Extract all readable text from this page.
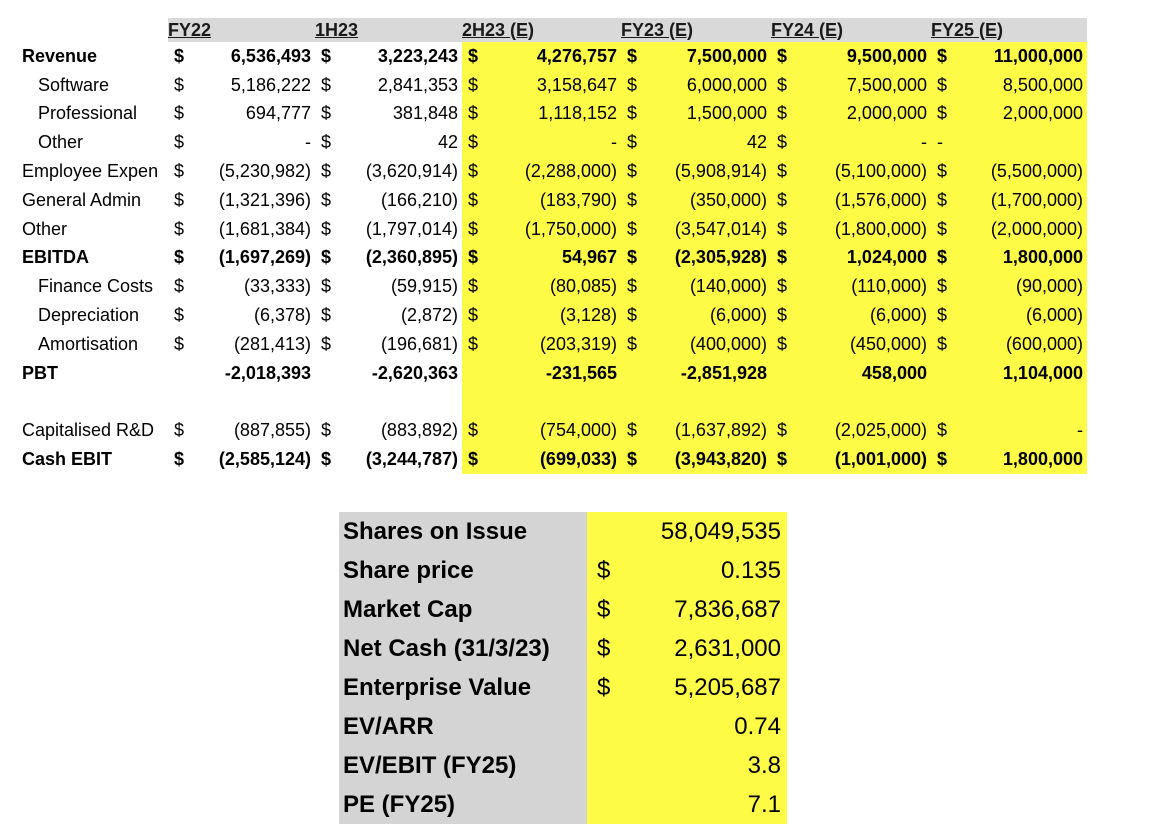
	FY22		1H23		2H23 (E)		FY23 (E)		FY24 (E)		FY25 (E)	
Revenue	$	6,536,493	$	3,223,243	$	4,276,757	$	7,500,000	$	9,500,000	$	11,000,000
Software	$	5,186,222	$	2,841,353	$	3,158,647	$	6,000,000	$	7,500,000	$	8,500,000
Professional	$	694,777	$	381,848	$	1,118,152	$	1,500,000	$	2,000,000	$	2,000,000
Other	$	-	$	42	$	-	$	42	$	-	-	
Employee Expen	$	(5,230,982)	$	(3,620,914)	$	(2,288,000)	$	(5,908,914)	$	(5,100,000)	$	(5,500,000)
General Admin	$	(1,321,396)	$	(166,210)	$	(183,790)	$	(350,000)	$	(1,576,000)	$	(1,700,000)
Other	$	(1,681,384)	$	(1,797,014)	$	(1,750,000)	$	(3,547,014)	$	(1,800,000)	$	(2,000,000)
EBITDA	$	(1,697,269)	$	(2,360,895)	$	54,967	$	(2,305,928)	$	1,024,000	$	1,800,000
Finance Costs	$	(33,333)	$	(59,915)	$	(80,085)	$	(140,000)	$	(110,000)	$	(90,000)
Depreciation	$	(6,378)	$	(2,872)	$	(3,128)	$	(6,000)	$	(6,000)	$	(6,000)
Amortisation	$	(281,413)	$	(196,681)	$	(203,319)	$	(400,000)	$	(450,000)	$	(600,000)
PBT		-2,018,393		-2,620,363		-231,565		-2,851,928		458,000		1,104,000

Capitalised R&D	$	(887,855)	$	(883,892)	$	(754,000)	$	(1,637,892)	$	(2,025,000)	$	-
Cash EBIT	$	(2,585,124)	$	(3,244,787)	$	(699,033)	$	(3,943,820)	$	(1,001,000)	$	1,800,000
Shares on Issue		58,049,535
Share price	$	0.135
Market Cap	$	7,836,687
Net Cash (31/3/23)	$	2,631,000
Enterprise Value	$	5,205,687
EV/ARR		0.74
EV/EBIT (FY25)		3.8
PE (FY25)		7.1
